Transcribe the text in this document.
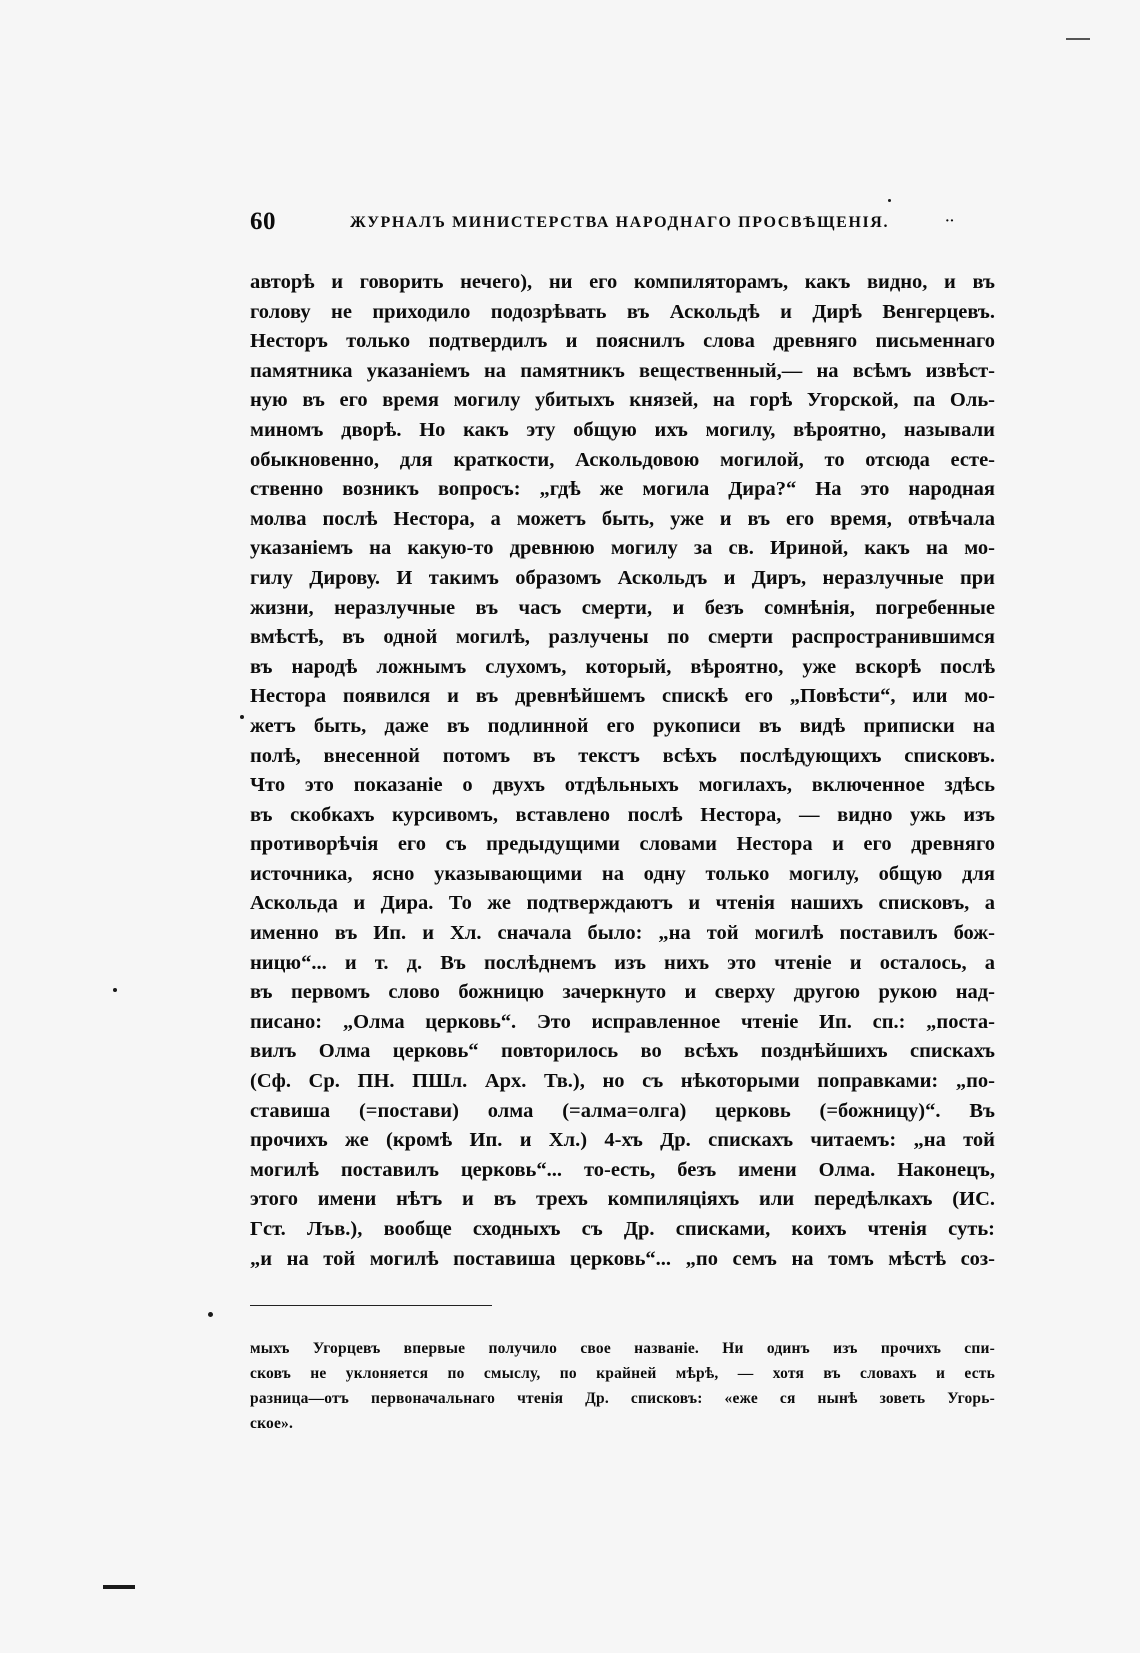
60	ЖУРНАЛЪ МИНИСТЕРСТВА НАРОДНАГО ПРОСВѢЩЕНІЯ.	··
авторѣ и говорить нечего), ни его компиляторамъ, какъ видно, и въ
голову не приходило подозрѣвать въ Аскольдѣ и Дирѣ Венгерцевъ.
Несторъ только подтвердилъ и пояснилъ слова древняго письменнаго
памятника указаніемъ на памятникъ вещественный,— на всѣмъ извѣст-
ную въ его время могилу убитыхъ князей, на горѣ Угорской, па Оль-
миномъ дворѣ. Но какъ эту общую ихъ могилу, вѣроятно, называли
обыкновенно, для краткости, Аскольдовою могилой, то отсюда есте-
ственно возникъ вопросъ: „гдѣ же могила Дира?“ На это народная
молва послѣ Нестора, а можетъ быть, уже и въ его время, отвѣчала
указаніемъ на какую-то древнюю могилу за св. Ириной, какъ на мо-
гилу Дирову. И такимъ образомъ Аскольдъ и Диръ, неразлучные при
жизни, неразлучные въ часъ смерти, и безъ сомнѣнія, погребенные
вмѣстѣ, въ одной могилѣ, разлучены по смерти распространившимся
въ народѣ ложнымъ слухомъ, который, вѣроятно, уже вскорѣ послѣ
Нестора появился и въ древнѣйшемъ спискѣ его „Повѣсти“, или мо-
жетъ быть, даже въ подлинной его рукописи въ видѣ приписки на
полѣ, внесенной потомъ въ текстъ всѣхъ послѣдующихъ списковъ.
Что это показаніе о двухъ отдѣльныхъ могилахъ, включенное здѣсь
въ скобкахъ курсивомъ, вставлено послѣ Нестора, — видно ужь изъ
противорѣчія его съ предыдущими словами Нестора и его древняго
источника, ясно указывающими на одну только могилу, общую для
Аскольда и Дира. То же подтверждаютъ и чтенія нашихъ списковъ, а
именно въ Ип. и Хл. сначала было: „на той могилѣ поставилъ бож-
ницю“... и т. д. Въ послѣднемъ изъ нихъ это чтеніе и осталось, а
въ первомъ слово божницю зачеркнуто и сверху другою рукою над-
писано: „Олма церковь“. Это исправленное чтеніе Ип. сп.: „поста-
вилъ Олма церковь“ повторилось во всѣхъ позднѣйшихъ спискахъ
(Сф. Ср. ПН. ПШл. Арх. Тв.), но съ нѣкоторыми поправками: „по-
ставиша (=постави) олма (=алма=олга) церковь (=божницу)“. Въ
прочихъ же (кромѣ Ип. и Хл.) 4-хъ Др. спискахъ читаемъ: „на той
могилѣ поставилъ церковь“... то-есть, безъ имени Олма. Наконецъ,
этого имени нѣтъ и въ трехъ компиляціяхъ или передѣлкахъ (ИС.
Гст. Лъв.), вообще сходныхъ съ Др. списками, коихъ чтенія суть:
„и на той могилѣ поставиша церковь“... „по семъ на томъ мѣстѣ соз-
мыхъ Угорцевъ впервые получило свое названіе. Ни одинъ изъ прочихъ спи-
сковъ не уклоняется по смыслу, по крайней мѣрѣ, — хотя въ словахъ и есть
разница—отъ первоначальнаго чтенія Др. списковъ: «еже ся нынѣ зоветь Угорь-
ское».
